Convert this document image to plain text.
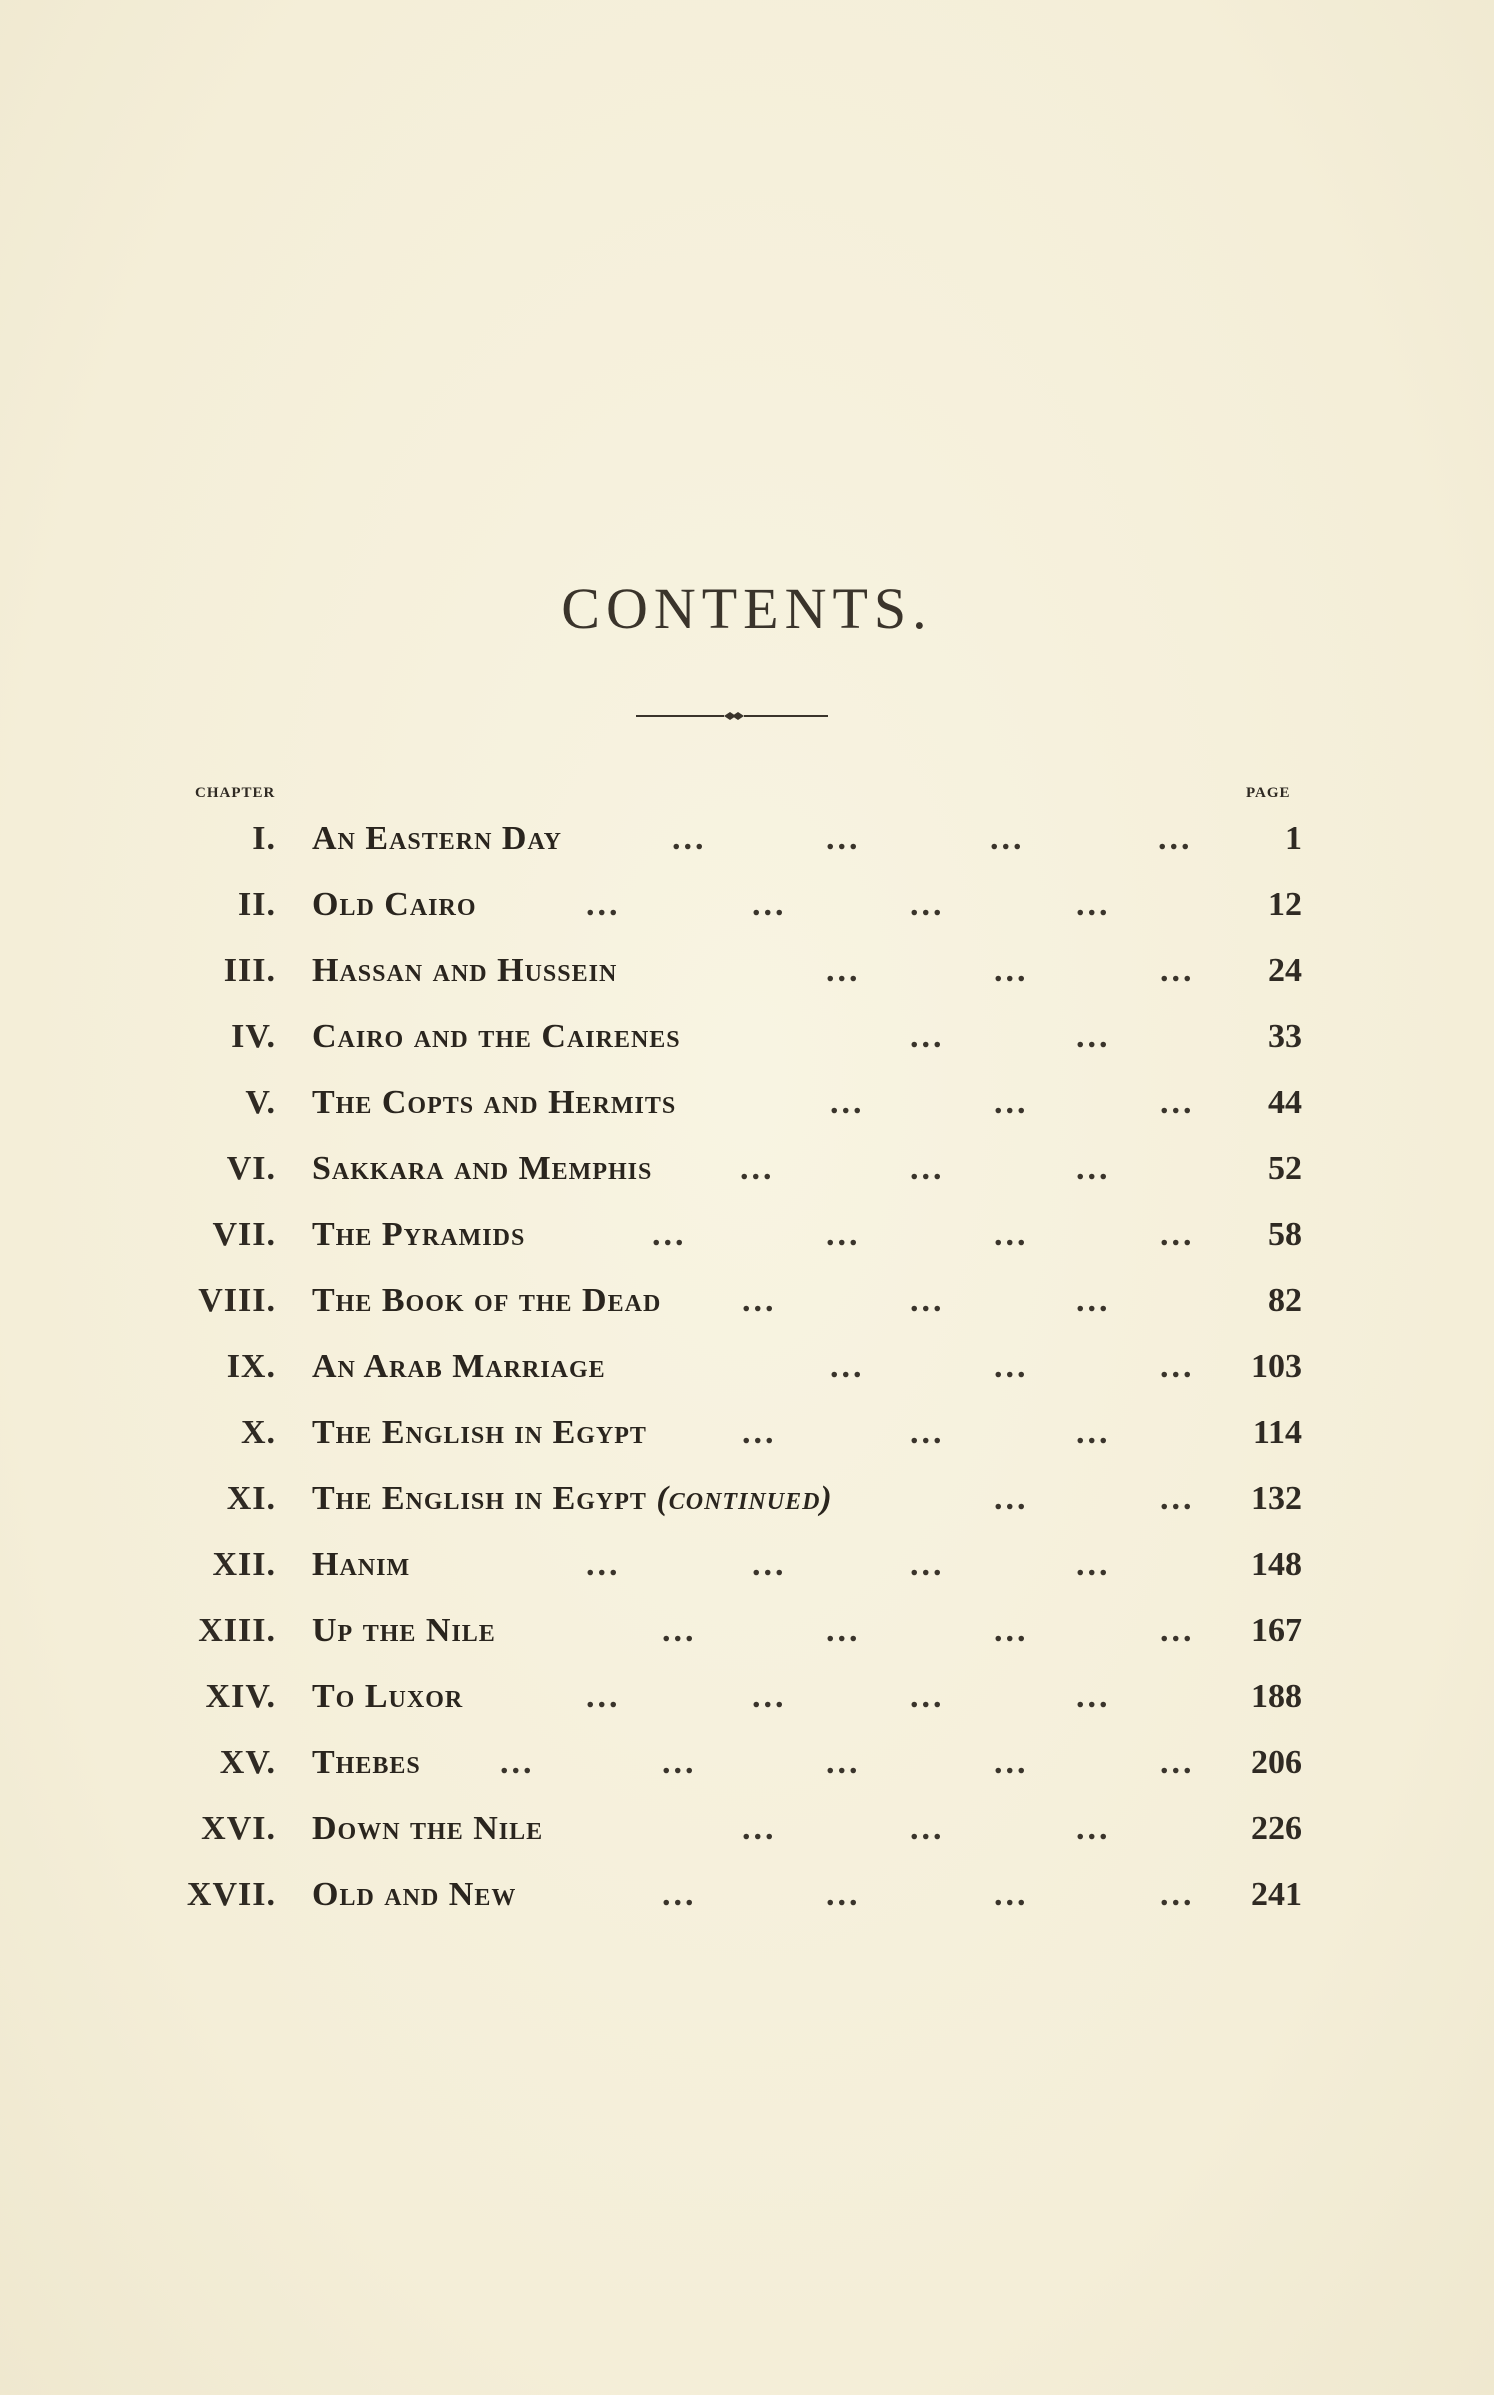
CONTENTS.
CHAPTER	PAGE
I. An Eastern Day	...	...	...	...	1
II. Old Cairo	...	...	...	...	12
III. Hassan and Hussein	...	...	... 24
IV. Cairo and the Cairenes	...	...	33
V. The Copts and Hermits	...	...	... 44
VI. Sakkara and Memphis	...	...	...	52
VII. The Pyramids	...	...	...	... 58
VIII. The Book of the Dead ...	...	...	82
IX. An Arab Marriage	...	...	... 103
X. The English in Egypt	...	...	...	114
XI. The English in Egypt (continued)	...	... 132
XII. Hanim	...	...	...	...	148
XIII. Up the Nile	...	...	...	... 167
XIV. To Luxor	...	...	...	...	188
XV. Thebes ...	...	...	...	... 206
XVI. Down the Nile	...	...	...	226
XVII. Old and New	...	...	...	... 241
